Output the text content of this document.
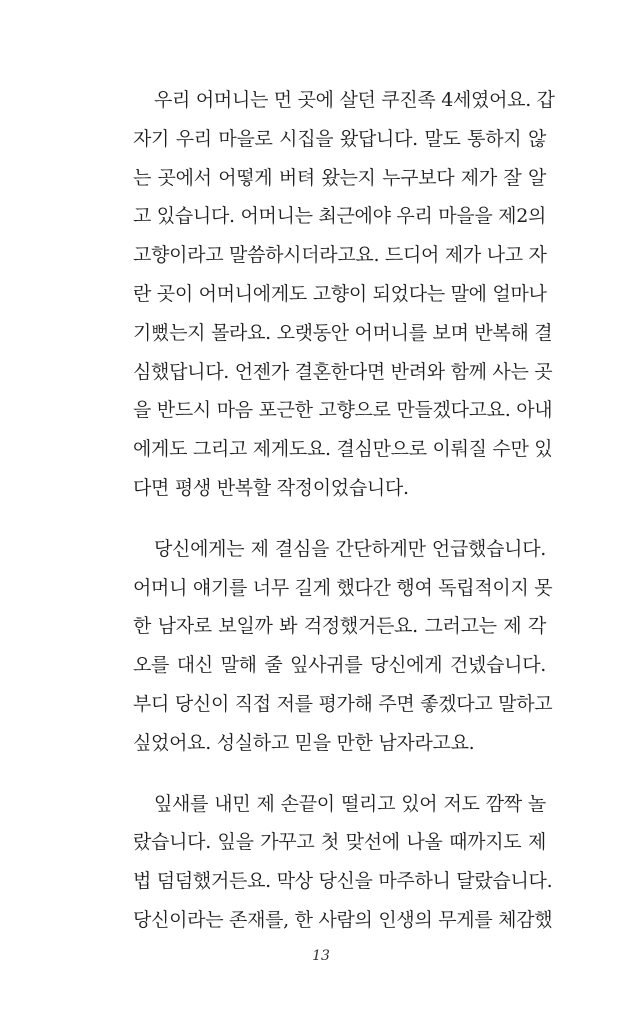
우리 어머니는 먼 곳에 살던 쿠진족 4세였어요. 갑
자기 우리 마을로 시집을 왔답니다. 말도 통하지 않
는 곳에서 어떻게 버텨 왔는지 누구보다 제가 잘 알
고 있습니다. 어머니는 최근에야 우리 마을을 제2의
고향이라고 말씀하시더라고요. 드디어 제가 나고 자
란 곳이 어머니에게도 고향이 되었다는 말에 얼마나
기뻤는지 몰라요. 오랫동안 어머니를 보며 반복해 결
심했답니다. 언젠가 결혼한다면 반려와 함께 사는 곳
을 반드시 마음 포근한 고향으로 만들겠다고요. 아내
에게도 그리고 제게도요. 결심만으로 이뤄질 수만 있
다면 평생 반복할 작정이었습니다.
당신에게는 제 결심을 간단하게만 언급했습니다.
어머니 얘기를 너무 길게 했다간 행여 독립적이지 못
한 남자로 보일까 봐 걱정했거든요. 그러고는 제 각
오를 대신 말해 줄 잎사귀를 당신에게 건넸습니다.
부디 당신이 직접 저를 평가해 주면 좋겠다고 말하고
싶었어요. 성실하고 믿을 만한 남자라고요.
잎새를 내민 제 손끝이 떨리고 있어 저도 깜짝 놀
랐습니다. 잎을 가꾸고 첫 맞선에 나올 때까지도 제
법 덤덤했거든요. 막상 당신을 마주하니 달랐습니다.
당신이라는 존재를, 한 사람의 인생의 무게를 체감했
13
